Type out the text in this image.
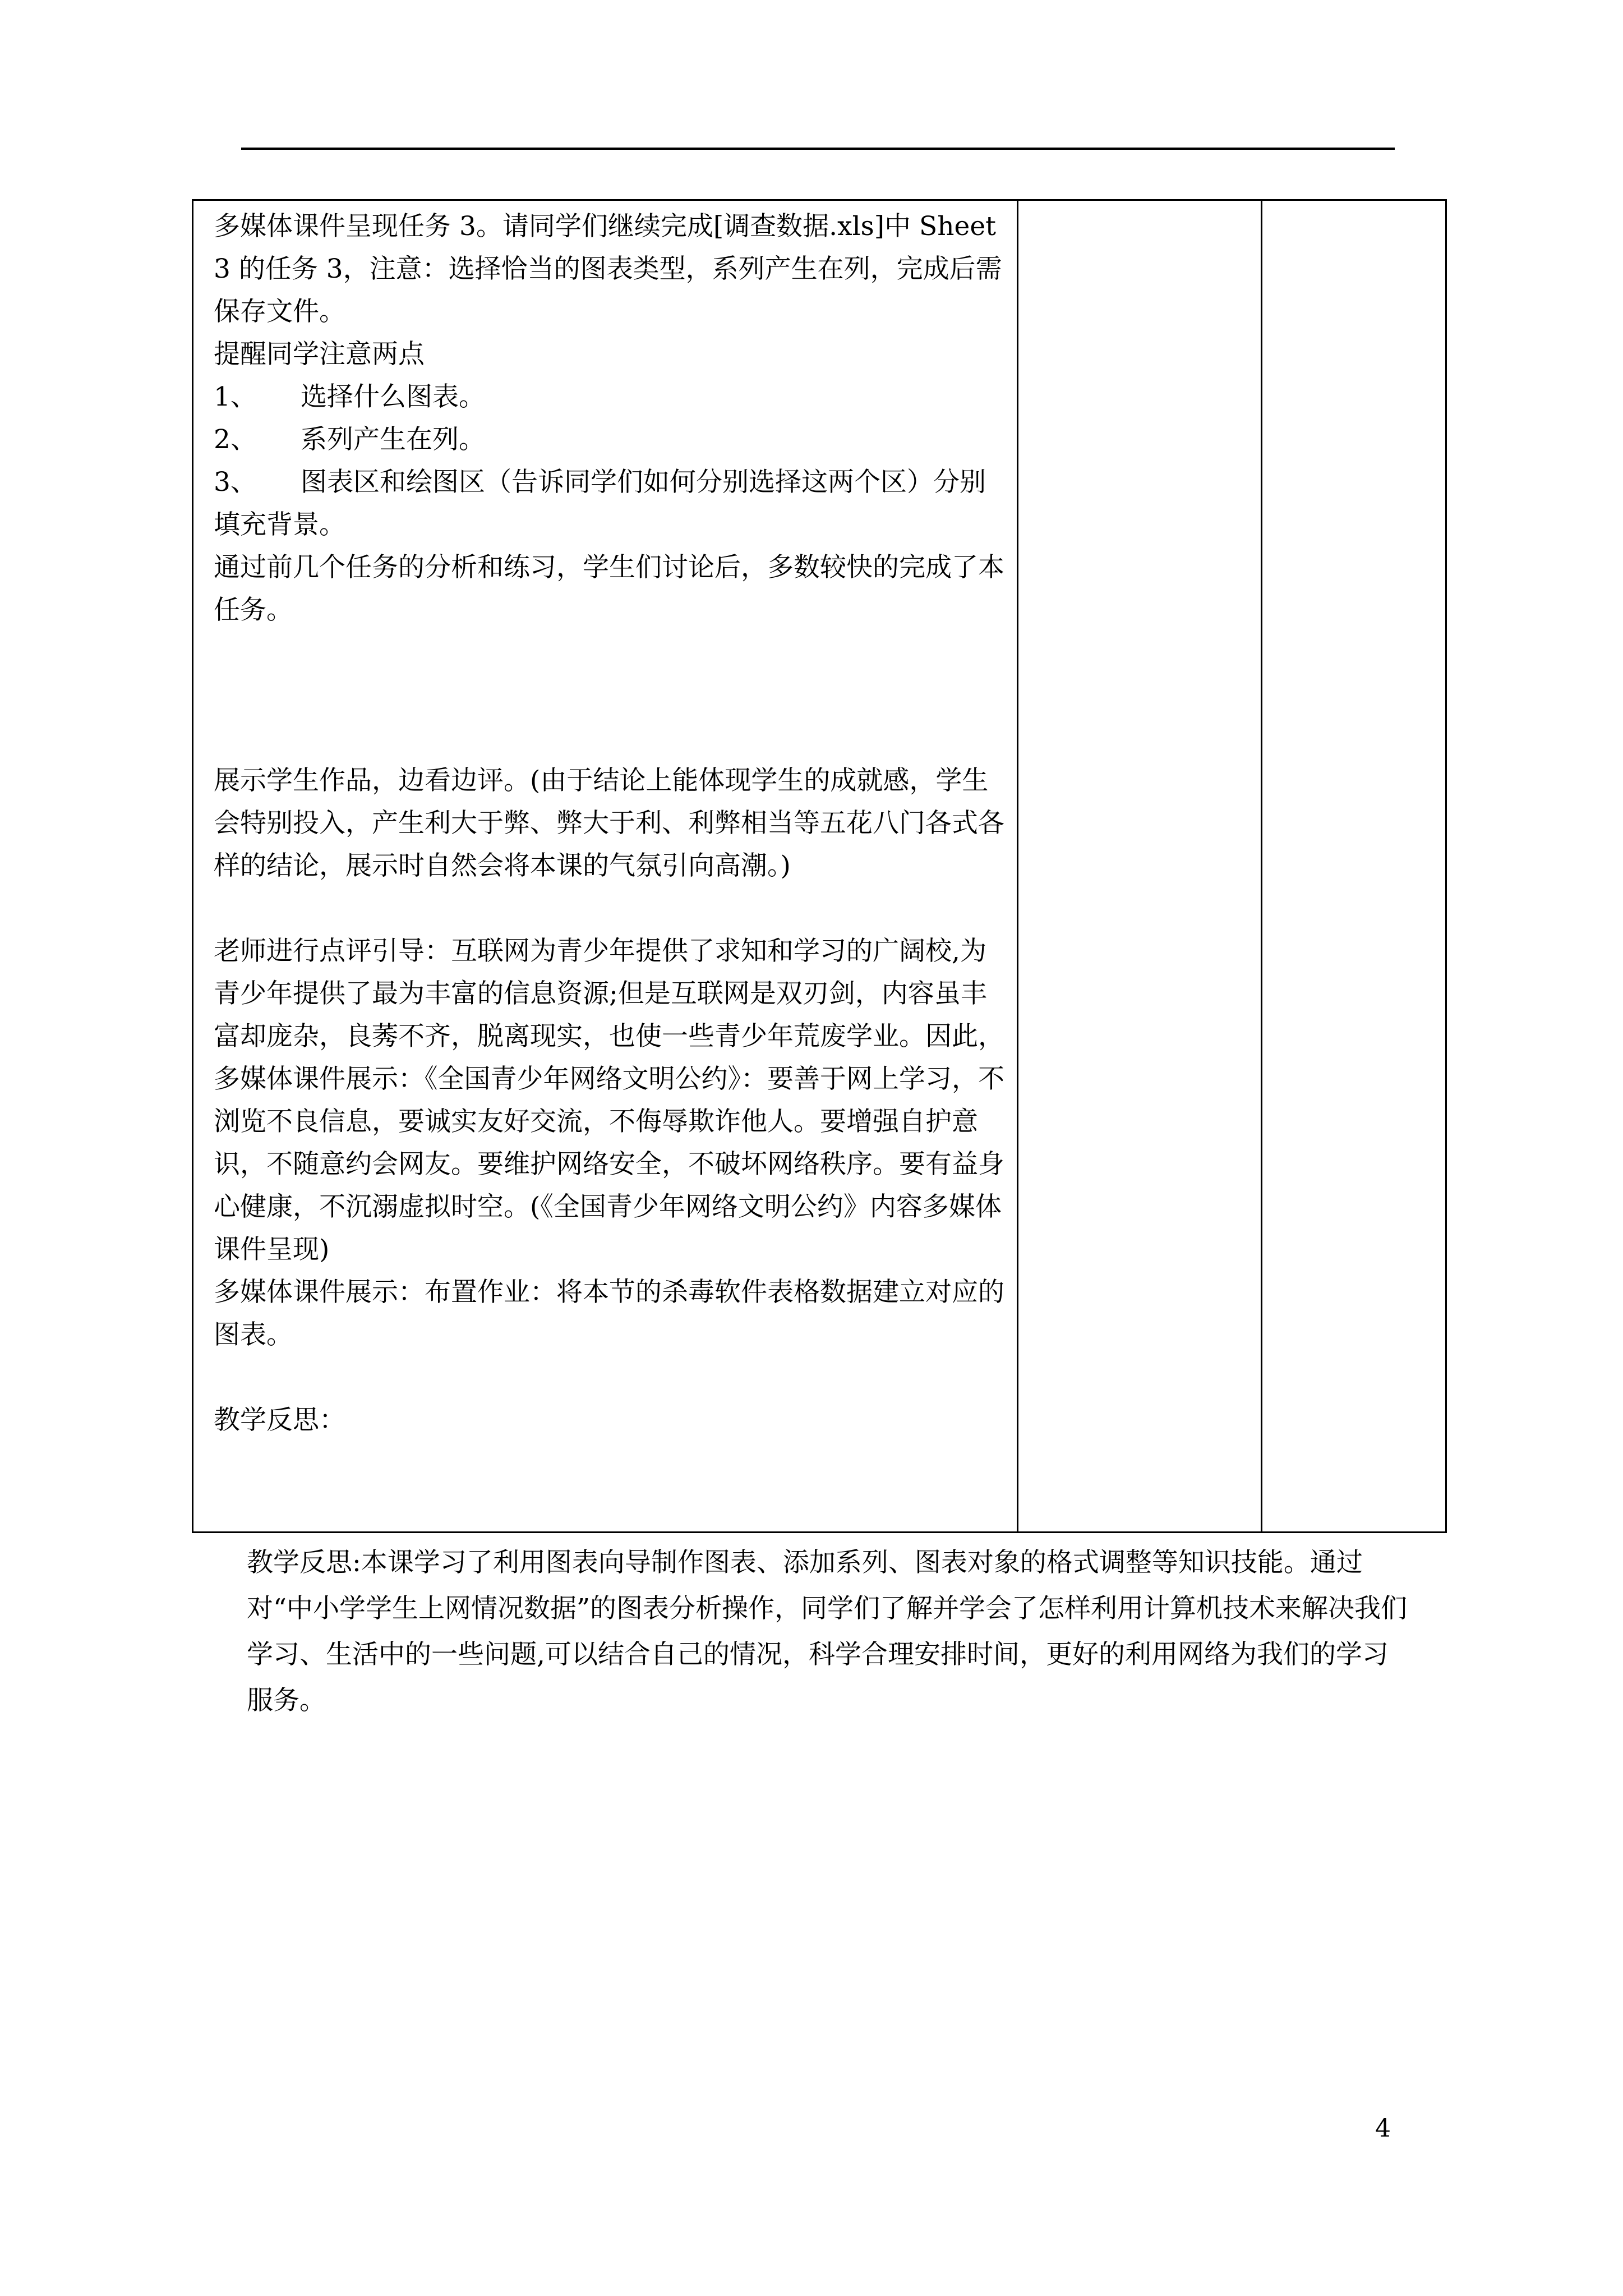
多媒体课件呈现任务 3。请同学们继续完成[调查数据.xls]中 Sheet3 的任务 3，注意：选择恰当的图表类型，系列产生在列，完成后需保存文件。

提醒同学注意两点

1、 选择什么图表。

2、 系列产生在列。

3、 图表区和绘图区（告诉同学们如何分别选择这两个区）分别填充背景。

通过前几个任务的分析和练习，学生们讨论后，多数较快的完成了本任务。

展示学生作品，边看边评。(由于结论上能体现学生的成就感，学生会特别投入，产生利大于弊、弊大于利、利弊相当等五花八门各式各样的结论，展示时自然会将本课的气氛引向高潮。)

老师进行点评引导：互联网为青少年提供了求知和学习的广阔校,为青少年提供了最为丰富的信息资源;但是互联网是双刃剑，内容虽丰富却庞杂，良莠不齐，脱离现实，也使一些青少年荒废学业。因此，

多媒体课件展示：《全国青少年网络文明公约》：要善于网上学习，不浏览不良信息，要诚实友好交流，不侮辱欺诈他人。要增强自护意识，不随意约会网友。要维护网络安全，不破坏网络秩序。要有益身心健康，不沉溺虚拟时空。(《全国青少年网络文明公约》内容多媒体课件呈现)

多媒体课件展示：布置作业：将本节的杀毒软件表格数据建立对应的图表。

教学反思：

教学反思:本课学习了利用图表向导制作图表、添加系列、图表对象的格式调整等知识技能。通过对“中小学学生上网情况数据”的图表分析操作，同学们了解并学会了怎样利用计算机技术来解决我们学习、生活中的一些问题,可以结合自己的情况，科学合理安排时间，更好的利用网络为我们的学习服务。
4
